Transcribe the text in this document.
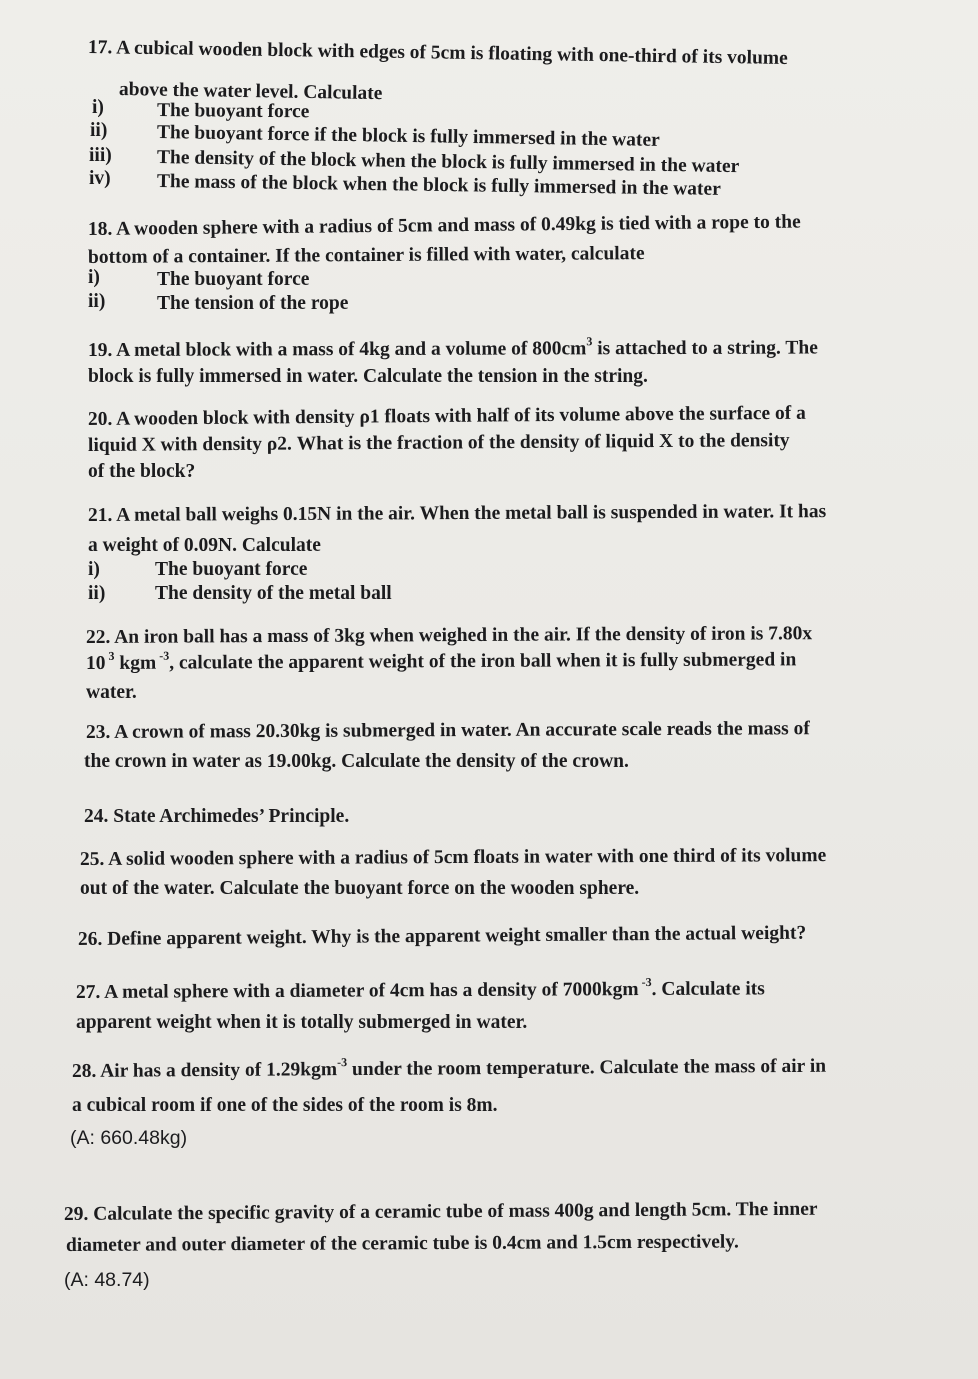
17. A cubical wooden block with edges of 5cm is floating with one-third of its volume
above the water level. Calculate
i)	The buoyant force
ii)	The buoyant force if the block is fully immersed in the water
iii) The density of the block when the block is fully immersed in the water
iv) The mass of the block when the block is fully immersed in the water
18. A wooden sphere with a radius of 5cm and mass of 0.49kg is tied with a rope to the
bottom of a container. If the container is filled with water, calculate
i)	The buoyant force
ii)	The tension of the rope
19. A metal block with a mass of 4kg and a volume of $800cm^3$ is attached to a string. The
block is fully immersed in water. Calculate the tension in the string.
20. A wooden block with density ρ1 floats with half of its volume above the surface of a
liquid X with density ρ2. What is the fraction of the density of liquid X to the density
of the block?
21. A metal ball weighs 0.15N in the air. When the metal ball is suspended in water. It has
a weight of 0.09N. Calculate
i)	The buoyant force
ii)	The density of the metal ball
22. An iron ball has a mass of 3kg when weighed in the air. If the density of iron is 7.80x
10 $^3$ kgm $^{-3}$, calculate the apparent weight of the iron ball when it is fully submerged in
water.
23. A crown of mass 20.30kg is submerged in water. An accurate scale reads the mass of
the crown in water as 19.00kg. Calculate the density of the crown.
24. State Archimedes’ Principle.
25. A solid wooden sphere with a radius of 5cm floats in water with one third of its volume
out of the water. Calculate the buoyant force on the wooden sphere.
26. Define apparent weight. Why is the apparent weight smaller than the actual weight?
27. A metal sphere with a diameter of 4cm has a density of 7000kgm $^{-3}$. Calculate its
apparent weight when it is totally submerged in water.
28. Air has a density of 1.29kgm$^{-3}$ under the room temperature. Calculate the mass of air in
a cubical room if one of the sides of the room is 8m.
(A: 660.48kg)
29. Calculate the specific gravity of a ceramic tube of mass 400g and length 5cm. The inner
diameter and outer diameter of the ceramic tube is 0.4cm and 1.5cm respectively.
(A: 48.74)
